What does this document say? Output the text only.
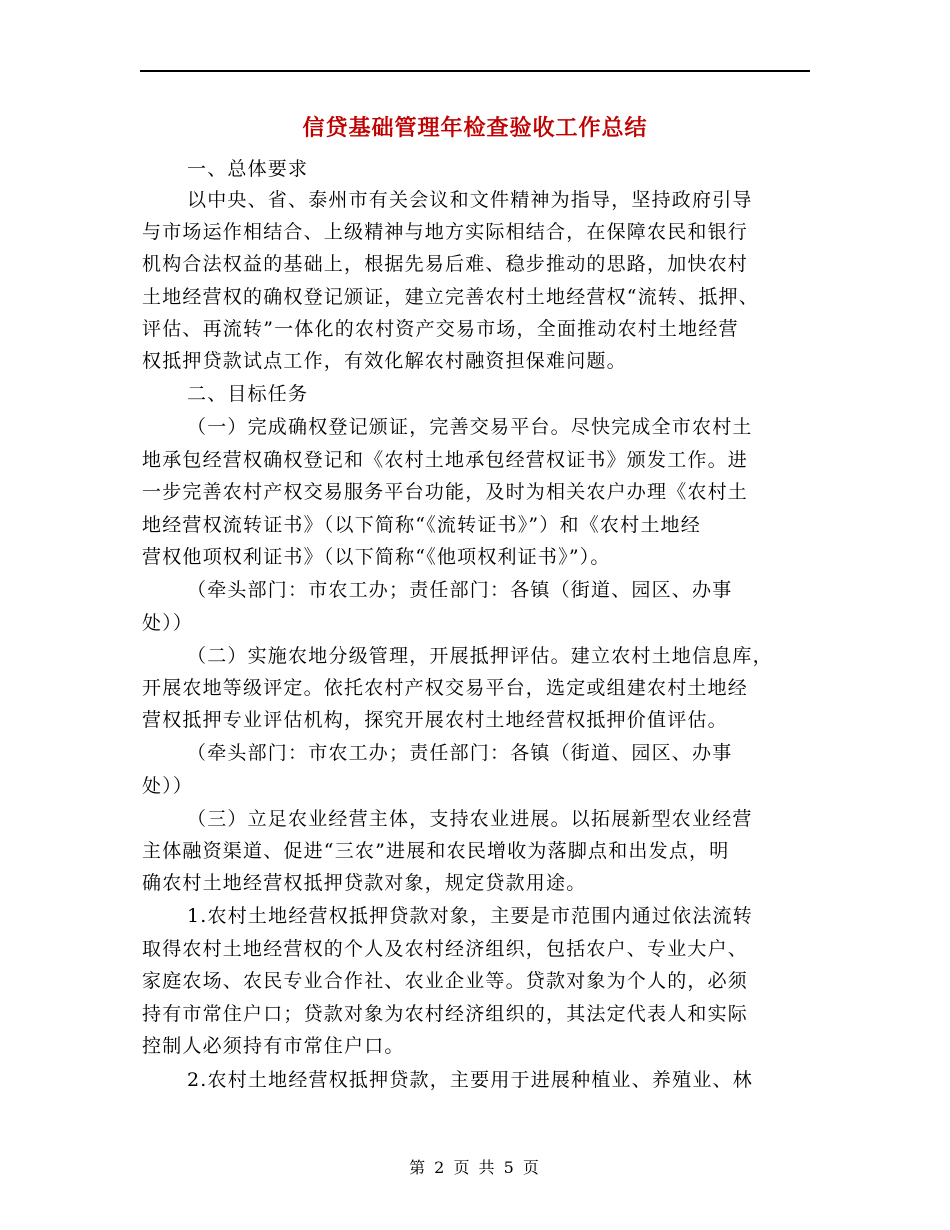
信贷基础管理年检查验收工作总结
一、总体要求
以中央、省、泰州市有关会议和文件精神为指导，坚持政府引导
与市场运作相结合、上级精神与地方实际相结合，在保障农民和银行
机构合法权益的基础上，根据先易后难、稳步推动的思路，加快农村
土地经营权的确权登记颁证，建立完善农村土地经营权“流转、抵押、
评估、再流转”一体化的农村资产交易市场，全面推动农村土地经营
权抵押贷款试点工作，有效化解农村融资担保难问题。
二、目标任务
（一）完成确权登记颁证，完善交易平台。尽快完成全市农村土
地承包经营权确权登记和《农村土地承包经营权证书》颁发工作。进
一步完善农村产权交易服务平台功能，及时为相关农户办理《农村土
地经营权流转证书》（以下简称“《流转证书》”）和《农村土地经
营权他项权利证书》（以下简称“《他项权利证书》”）。
（牵头部门：市农工办；责任部门：各镇（街道、园区、办事
处））
（二）实施农地分级管理，开展抵押评估。建立农村土地信息库，
开展农地等级评定。依托农村产权交易平台，选定或组建农村土地经
营权抵押专业评估机构，探究开展农村土地经营权抵押价值评估。
（牵头部门：市农工办；责任部门：各镇（街道、园区、办事
处））
（三）立足农业经营主体，支持农业进展。以拓展新型农业经营
主体融资渠道、促进“三农”进展和农民增收为落脚点和出发点，明
确农村土地经营权抵押贷款对象，规定贷款用途。
1.农村土地经营权抵押贷款对象，主要是市范围内通过依法流转
取得农村土地经营权的个人及农村经济组织，包括农户、专业大户、
家庭农场、农民专业合作社、农业企业等。贷款对象为个人的，必须
持有市常住户口；贷款对象为农村经济组织的，其法定代表人和实际
控制人必须持有市常住户口。
2.农村土地经营权抵押贷款，主要用于进展种植业、养殖业、林
第 2 页 共 5 页
